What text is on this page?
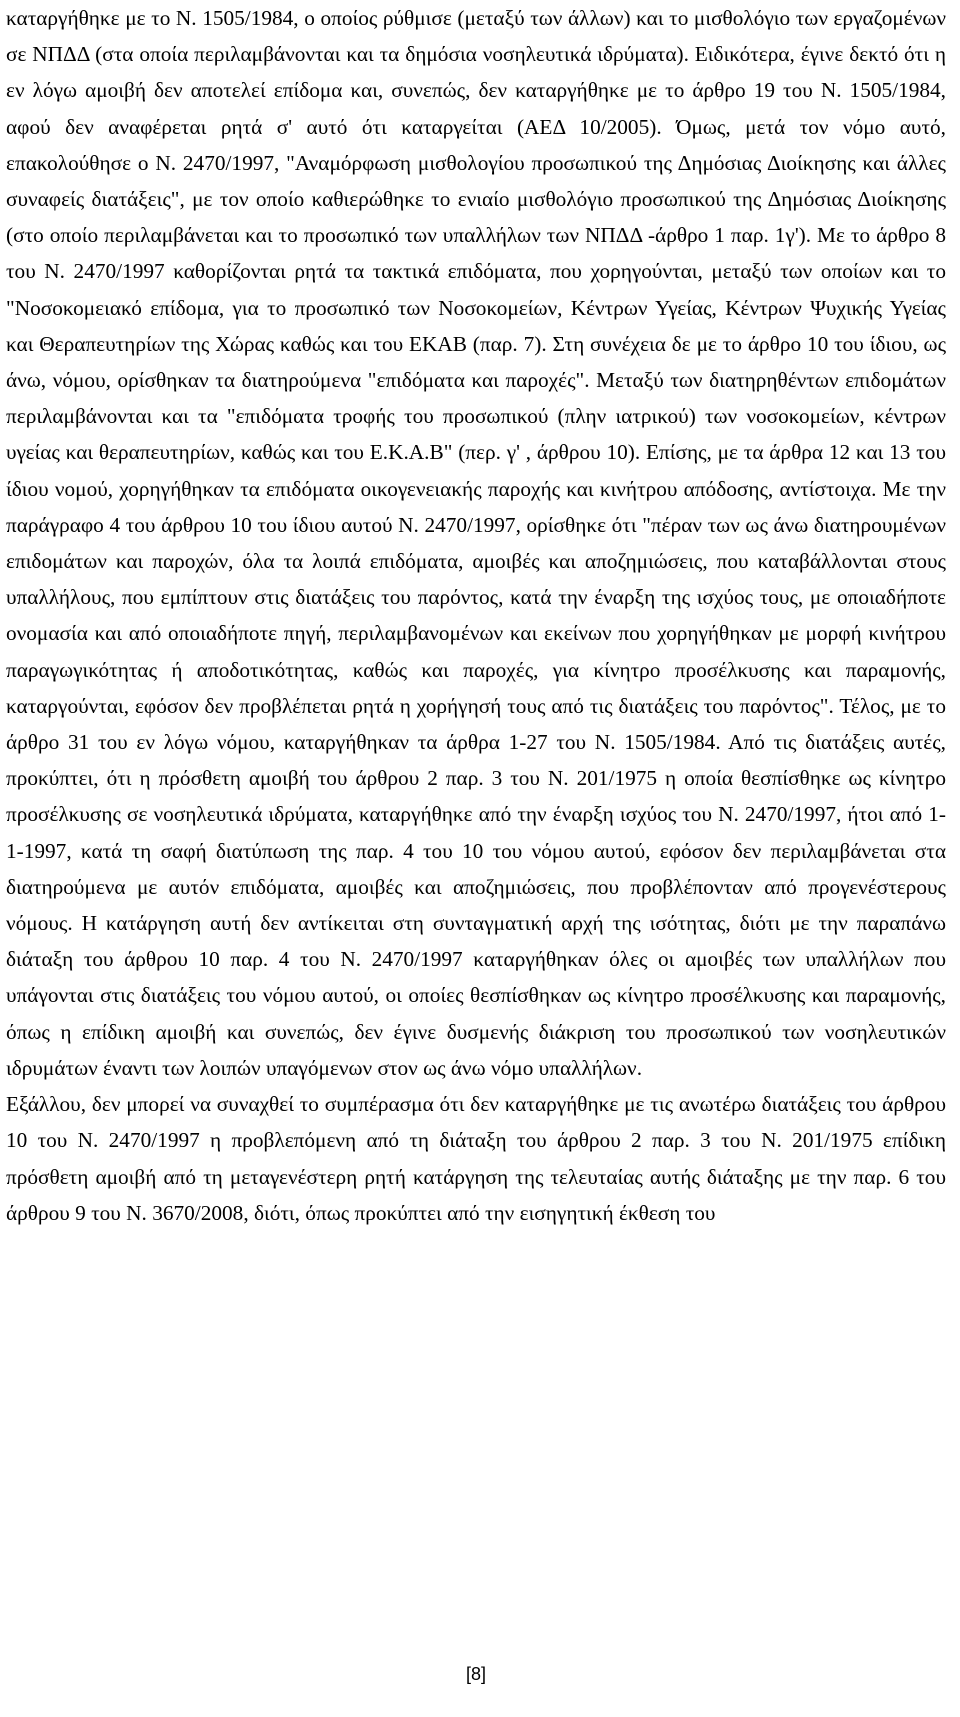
καταργήθηκε με το Ν. 1505/1984, ο οποίος ρύθμισε (μεταξύ των άλλων) και το μισθολόγιο των εργαζομένων σε ΝΠΔΔ (στα οποία περιλαμβάνονται και τα δημόσια νοσηλευτικά ιδρύματα). Ειδικότερα, έγινε δεκτό ότι η εν λόγω αμοιβή δεν αποτελεί επίδομα και, συνεπώς, δεν καταργήθηκε με το άρθρο 19 του Ν. 1505/1984, αφού δεν αναφέρεται ρητά σ' αυτό ότι καταργείται (ΑΕΔ 10/2005). Όμως, μετά τον νόμο αυτό, επακολούθησε ο Ν. 2470/1997, "Αναμόρφωση μισθολογίου προσωπικού της Δημόσιας Διοίκησης και άλλες συναφείς διατάξεις", με τον οποίο καθιερώθηκε το ενιαίο μισθολόγιο προσωπικού της Δημόσιας Διοίκησης (στο οποίο περιλαμβάνεται και το προσωπικό των υπαλλήλων των ΝΠΔΔ -άρθρο 1 παρ. 1γ'). Με το άρθρο 8 του Ν. 2470/1997 καθορίζονται ρητά τα τακτικά επιδόματα, που χορηγούνται, μεταξύ των οποίων και το "Νοσοκομειακό επίδομα, για το προσωπικό των Νοσοκομείων, Κέντρων Υγείας, Κέντρων Ψυχικής Υγείας και Θεραπευτηρίων της Χώρας καθώς και του ΕΚΑΒ (παρ. 7). Στη συνέχεια δε με το άρθρο 10 του ίδιου, ως άνω, νόμου, ορίσθηκαν τα διατηρούμενα "επιδόματα και παροχές". Μεταξύ των διατηρηθέντων επιδομάτων περιλαμβάνονται και τα "επιδόματα τροφής του προσωπικού (πλην ιατρικού) των νοσοκομείων, κέντρων υγείας και θεραπευτηρίων, καθώς και του Ε.Κ.Α.Β" (περ. γ' , άρθρου 10). Επίσης, με τα άρθρα 12 και 13 του ίδιου νομού, χορηγήθηκαν τα επιδόματα οικογενειακής παροχής και κινήτρου απόδοσης, αντίστοιχα. Με την παράγραφο 4 του άρθρου 10 του ίδιου αυτού Ν. 2470/1997, ορίσθηκε ότι "πέραν των ως άνω διατηρουμένων επιδομάτων και παροχών, όλα τα λοιπά επιδόματα, αμοιβές και αποζημιώσεις, που καταβάλλονται στους υπαλλήλους, που εμπίπτουν στις διατάξεις του παρόντος, κατά την έναρξη της ισχύος τους, με οποιαδήποτε ονομασία και από οποιαδήποτε πηγή, περιλαμβανομένων και εκείνων που χορηγήθηκαν με μορφή κινήτρου παραγωγικότητας ή αποδοτικότητας, καθώς και παροχές, για κίνητρο προσέλκυσης και παραμονής, καταργούνται, εφόσον δεν προβλέπεται ρητά η χορήγησή τους από τις διατάξεις του παρόντος". Τέλος, με το άρθρο 31 του εν λόγω νόμου, καταργήθηκαν τα άρθρα 1-27 του Ν. 1505/1984. Από τις διατάξεις αυτές, προκύπτει, ότι η πρόσθετη αμοιβή του άρθρου 2 παρ. 3 του Ν. 201/1975 η οποία θεσπίσθηκε ως κίνητρο προσέλκυσης σε νοσηλευτικά ιδρύματα, καταργήθηκε από την έναρξη ισχύος του Ν. 2470/1997, ήτοι από 1-1-1997, κατά τη σαφή διατύπωση της παρ. 4 του 10 του νόμου αυτού, εφόσον δεν περιλαμβάνεται στα διατηρούμενα με αυτόν επιδόματα, αμοιβές και αποζημιώσεις, που προβλέπονταν από προγενέστερους νόμους. Η κατάργηση αυτή δεν αντίκειται στη συνταγματική αρχή της ισότητας, διότι με την παραπάνω διάταξη του άρθρου 10 παρ. 4 του Ν. 2470/1997 καταργήθηκαν όλες οι αμοιβές των υπαλλήλων που υπάγονται στις διατάξεις του νόμου αυτού, οι οποίες θεσπίσθηκαν ως κίνητρο προσέλκυσης και παραμονής, όπως η επίδικη αμοιβή και συνεπώς, δεν έγινε δυσμενής διάκριση του προσωπικού των νοσηλευτικών ιδρυμάτων έναντι των λοιπών υπαγόμενων στον ως άνω νόμο υπαλλήλων.

Εξάλλου, δεν μπορεί να συναχθεί το συμπέρασμα ότι δεν καταργήθηκε με τις ανωτέρω διατάξεις του άρθρου 10 του Ν. 2470/1997 η προβλεπόμενη από τη διάταξη του άρθρου 2 παρ. 3 του Ν. 201/1975 επίδικη πρόσθετη αμοιβή από τη μεταγενέστερη ρητή κατάργηση της τελευταίας αυτής διάταξης με την παρ. 6 του άρθρου 9 του Ν. 3670/2008, διότι, όπως προκύπτει από την εισηγητική έκθεση του

[8]
